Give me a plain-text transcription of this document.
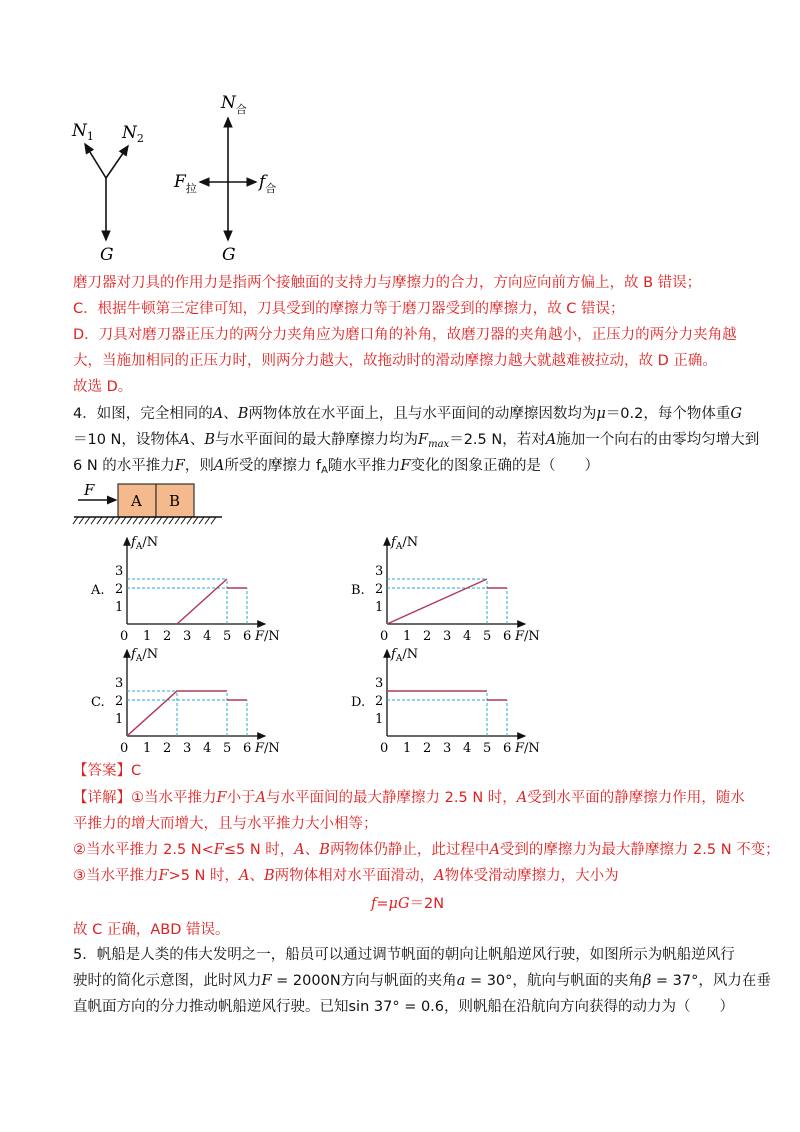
$N_1$ $N_2$
G
$N_合$
$F_拉$	$f_合$
G
磨刀器对刀具的作用力是指两个接触面的支持力与摩擦力的合力，方向应向前方偏上，故 B 错误；
C．根据牛顿第三定律可知，刀具受到的摩擦力等于磨刀器受到的摩擦力，故 C 错误；
D．刀具对磨刀器正压力的两分力夹角应为磨口角的补角，故磨刀器的夹角越小，正压力的两分力夹角越
大，当施加相同的正压力时，则两分力越大，故拖动时的滑动摩擦力越大就越难被拉动，故 D 正确。
故选 D。
4．如图，完全相同的A、B两物体放在水平面上，且与水平面间的动摩擦因数均为μ＝0.2，每个物体重G
＝10 N，设物体A、B与水平面间的最大静摩擦力均为$F_{max}=2.5$ N，若对A施加一个向右的由零均匀增大到
6 N 的水平推力F，则A所受的摩擦力 $f_A$随水平推力F变化的图象正确的是（　　）
F
A B
A.
$f_A/N$
F/N
0 1 2 3 4 5 6
1
2
3
B.
$f_A/N$
F/N
0 1 2 3 4 5 6
1
2
3
C.
$f_A/N$
F/N
0 1 2 3 4 5 6
1
2
3
D.
$f_A/N$
F/N
0 1 2 3 4 5 6
1
2
3
【答案】C
【详解】①当水平推力F小于A与水平面间的最大静摩擦力 2.5 N 时，A受到水平面的静摩擦力作用，随水
平推力的增大而增大，且与水平推力大小相等；
②当水平推力 2.5 N<F≤5 N 时，A、B两物体仍静止，此过程中A受到的摩擦力为最大静摩擦力 2.5 N 不变；
③当水平推力F>5 N 时，A、B两物体相对水平面滑动，A物体受滑动摩擦力，大小为
f=μG＝2N
故 C 正确，ABD 错误。
5．帆船是人类的伟大发明之一，船员可以通过调节帆面的朝向让帆船逆风行驶，如图所示为帆船逆风行
驶时的简化示意图，此时风力F = 2000N方向与帆面的夹角a = 30°，航向与帆面的夹角β = 37°，风力在垂
直帆面方向的分力推动帆船逆风行驶。已知sin 37° = 0.6，则帆船在沿航向方向获得的动力为（　　）
